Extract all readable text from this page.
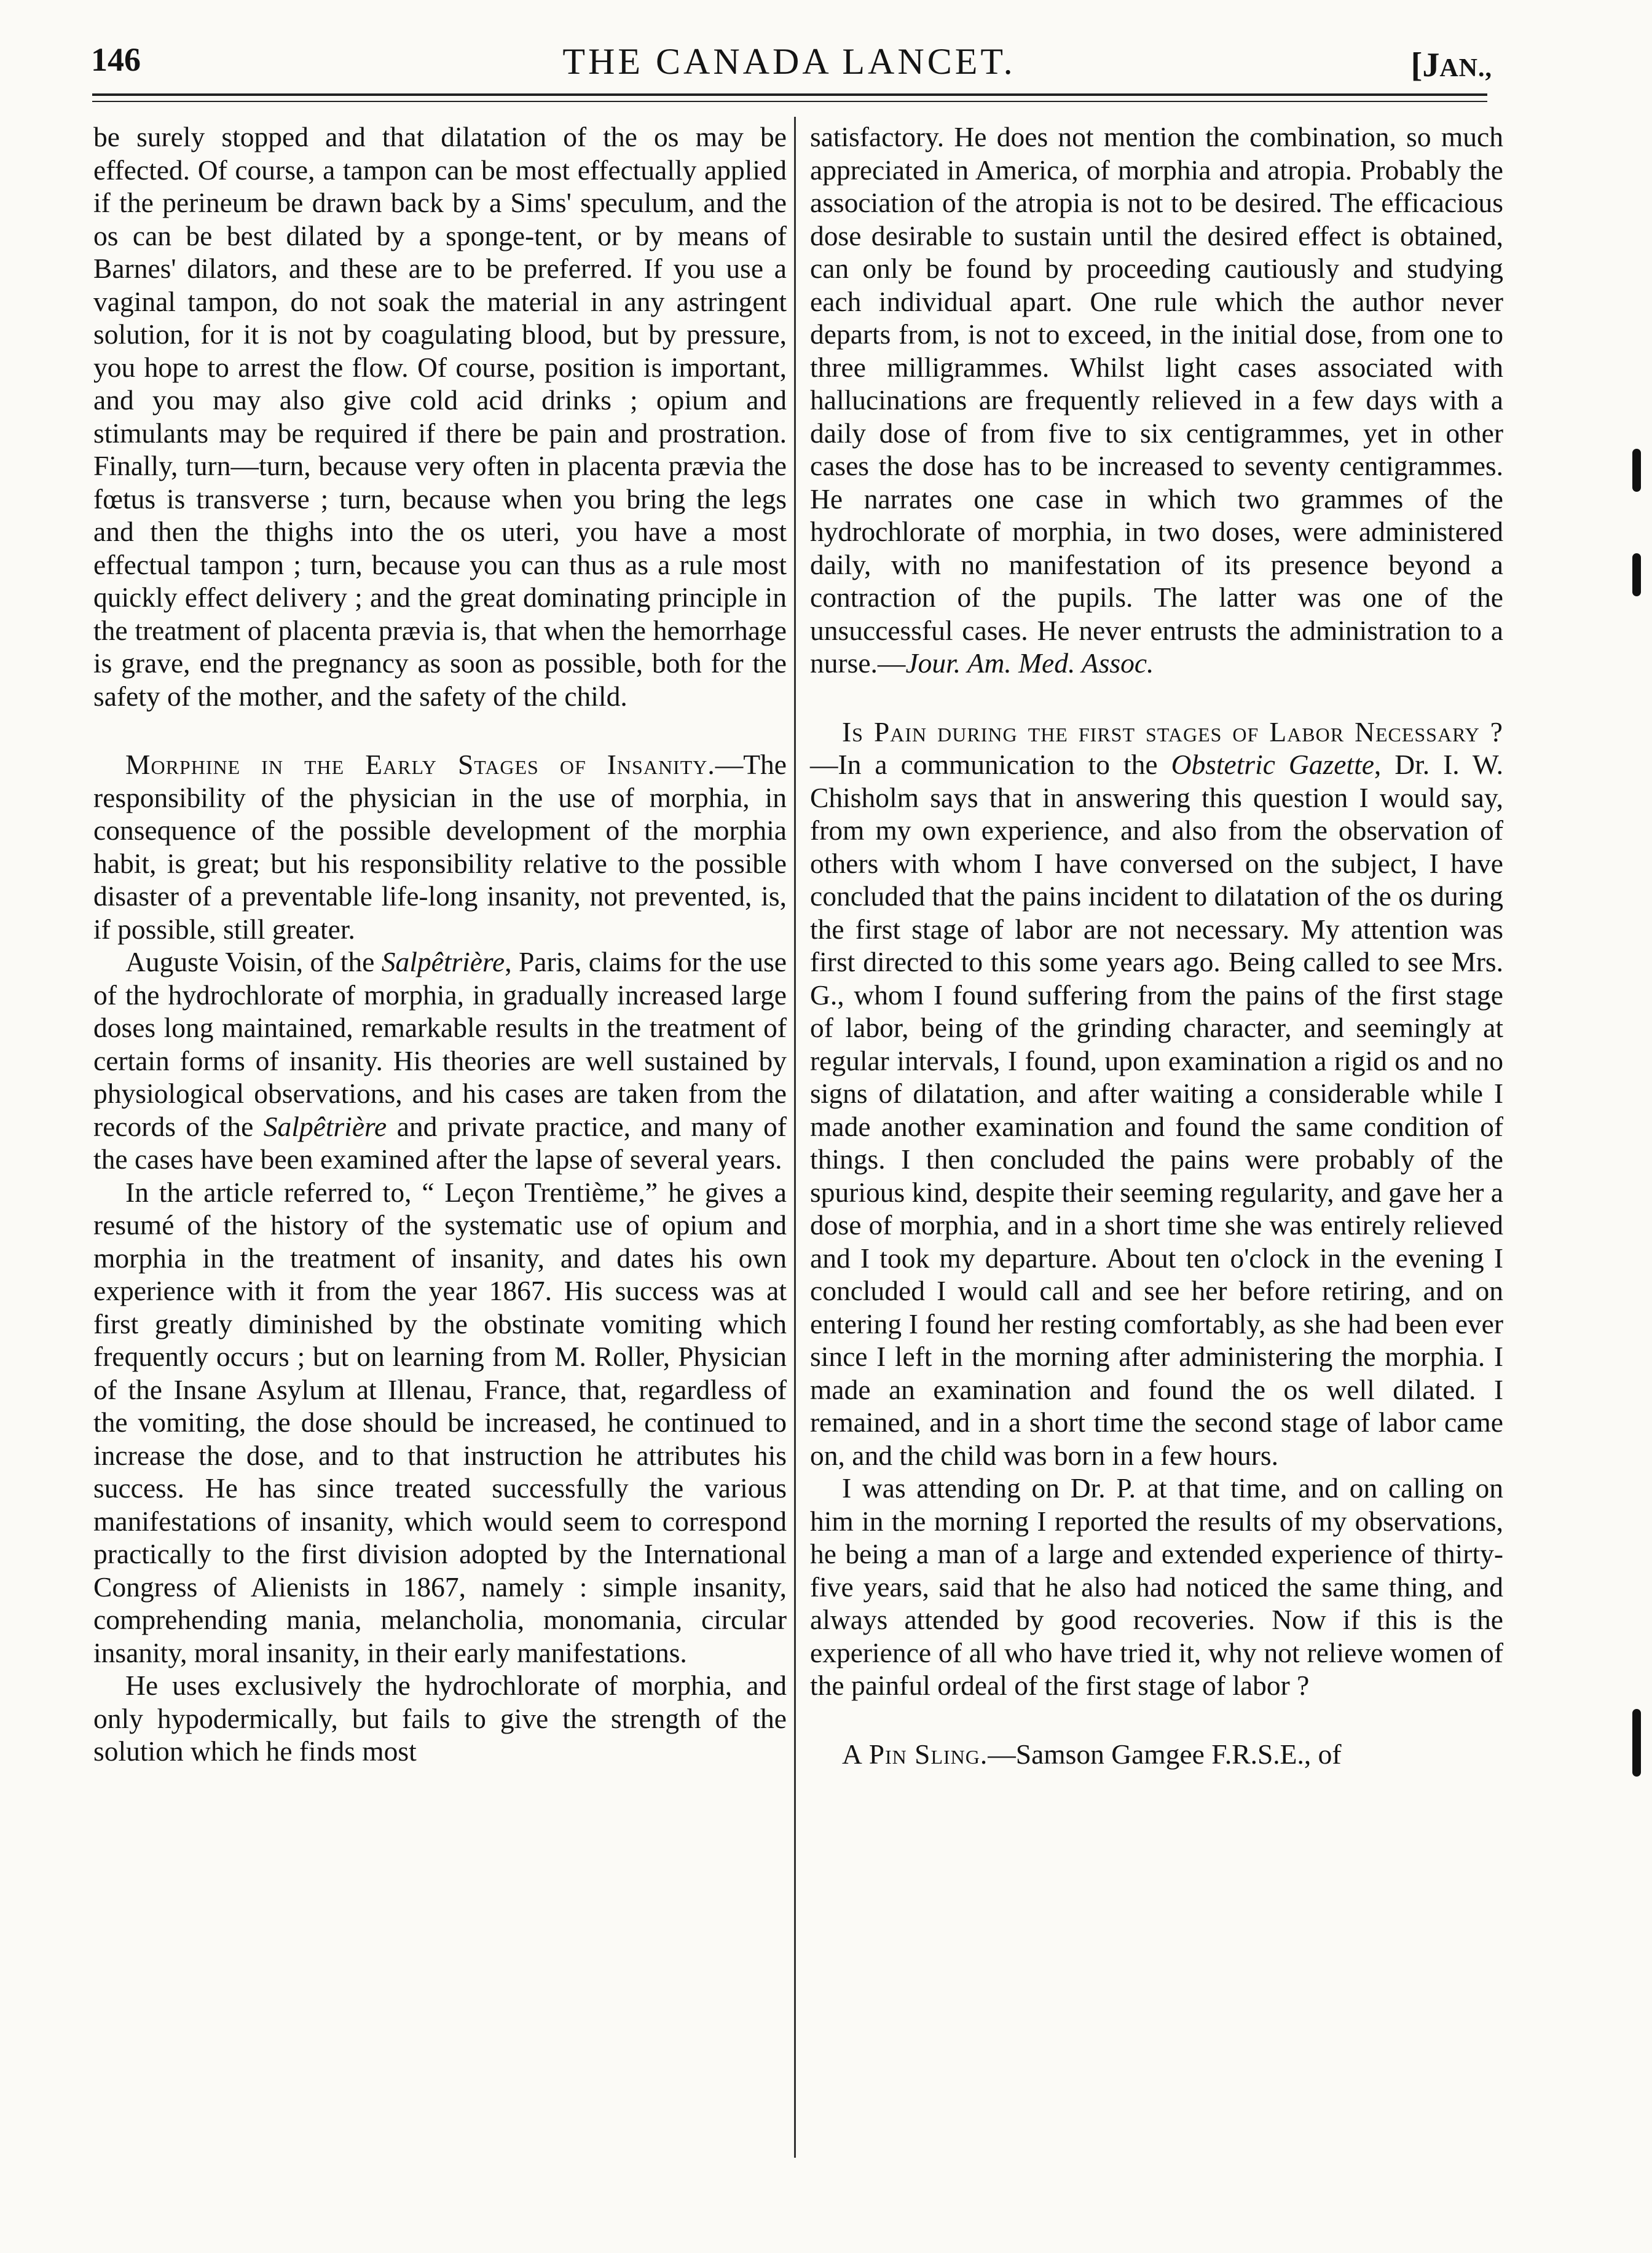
146	THE CANADA LANCET.	[JAN.,

be surely stopped and that dilatation of the os may be effected. Of course, a tampon can be most effectually applied if the perineum be drawn back by a Sims' speculum, and the os can be best dilated by a sponge-tent, or by means of Barnes' dilators, and these are to be preferred. If you use a vaginal tampon, do not soak the material in any astringent solution, for it is not by coagulating blood, but by pressure, you hope to arrest the flow. Of course, position is important, and you may also give cold acid drinks ; opium and stimulants may be required if there be pain and prostration. Finally, turn—turn, because very often in placenta prævia the fœtus is transverse ; turn, because when you bring the legs and then the thighs into the os uteri, you have a most effectual tampon ; turn, because you can thus as a rule most quickly effect delivery ; and the great dominating principle in the treatment of placenta prævia is, that when the hemorrhage is grave, end the pregnancy as soon as possible, both for the safety of the mother, and the safety of the child.

Morphine in the Early Stages of Insanity.—The responsibility of the physician in the use of morphia, in consequence of the possible development of the morphia habit, is great; but his responsibility relative to the possible disaster of a preventable life-long insanity, not prevented, is, if possible, still greater.

Auguste Voisin, of the Salpêtrière, Paris, claims for the use of the hydrochlorate of morphia, in gradually increased large doses long maintained, remarkable results in the treatment of certain forms of insanity. His theories are well sustained by physiological observations, and his cases are taken from the records of the Salpêtrière and private practice, and many of the cases have been examined after the lapse of several years.

In the article referred to, “ Leçon Trentième,” he gives a resumé of the history of the systematic use of opium and morphia in the treatment of insanity, and dates his own experience with it from the year 1867. His success was at first greatly diminished by the obstinate vomiting which frequently occurs ; but on learning from M. Roller, Physician of the Insane Asylum at Illenau, France, that, regardless of the vomiting, the dose should be increased, he continued to increase the dose, and to that instruction he attributes his success. He has since treated successfully the various manifestations of insanity, which would seem to correspond practically to the first division adopted by the International Congress of Alienists in 1867, namely : simple insanity, comprehending mania, melancholia, monomania, circular insanity, moral insanity, in their early manifestations.

He uses exclusively the hydrochlorate of morphia, and only hypodermically, but fails to give the strength of the solution which he finds most

satisfactory. He does not mention the combination, so much appreciated in America, of morphia and atropia. Probably the association of the atropia is not to be desired. The efficacious dose desirable to sustain until the desired effect is obtained, can only be found by proceeding cautiously and studying each individual apart. One rule which the author never departs from, is not to exceed, in the initial dose, from one to three milligrammes. Whilst light cases associated with hallucinations are frequently relieved in a few days with a daily dose of from five to six centigrammes, yet in other cases the dose has to be increased to seventy centigrammes. He narrates one case in which two grammes of the hydrochlorate of morphia, in two doses, were administered daily, with no manifestation of its presence beyond a contraction of the pupils. The latter was one of the unsuccessful cases. He never entrusts the administration to a nurse.—Jour. Am. Med. Assoc.

Is Pain during the first stages of Labor Necessary ?—In a communication to the Obstetric Gazette, Dr. I. W. Chisholm says that in answering this question I would say, from my own experience, and also from the observation of others with whom I have conversed on the subject, I have concluded that the pains incident to dilatation of the os during the first stage of labor are not necessary. My attention was first directed to this some years ago. Being called to see Mrs. G., whom I found suffering from the pains of the first stage of labor, being of the grinding character, and seemingly at regular intervals, I found, upon examination a rigid os and no signs of dilatation, and after waiting a considerable while I made another examination and found the same condition of things. I then concluded the pains were probably of the spurious kind, despite their seeming regularity, and gave her a dose of morphia, and in a short time she was entirely relieved and I took my departure. About ten o'clock in the evening I concluded I would call and see her before retiring, and on entering I found her resting comfortably, as she had been ever since I left in the morning after administering the morphia. I made an examination and found the os well dilated. I remained, and in a short time the second stage of labor came on, and the child was born in a few hours.

I was attending on Dr. P. at that time, and on calling on him in the morning I reported the results of my observations, he being a man of a large and extended experience of thirty-five years, said that he also had noticed the same thing, and always attended by good recoveries. Now if this is the experience of all who have tried it, why not relieve women of the painful ordeal of the first stage of labor ?

A Pin Sling.—Samson Gamgee F.R.S.E., of
